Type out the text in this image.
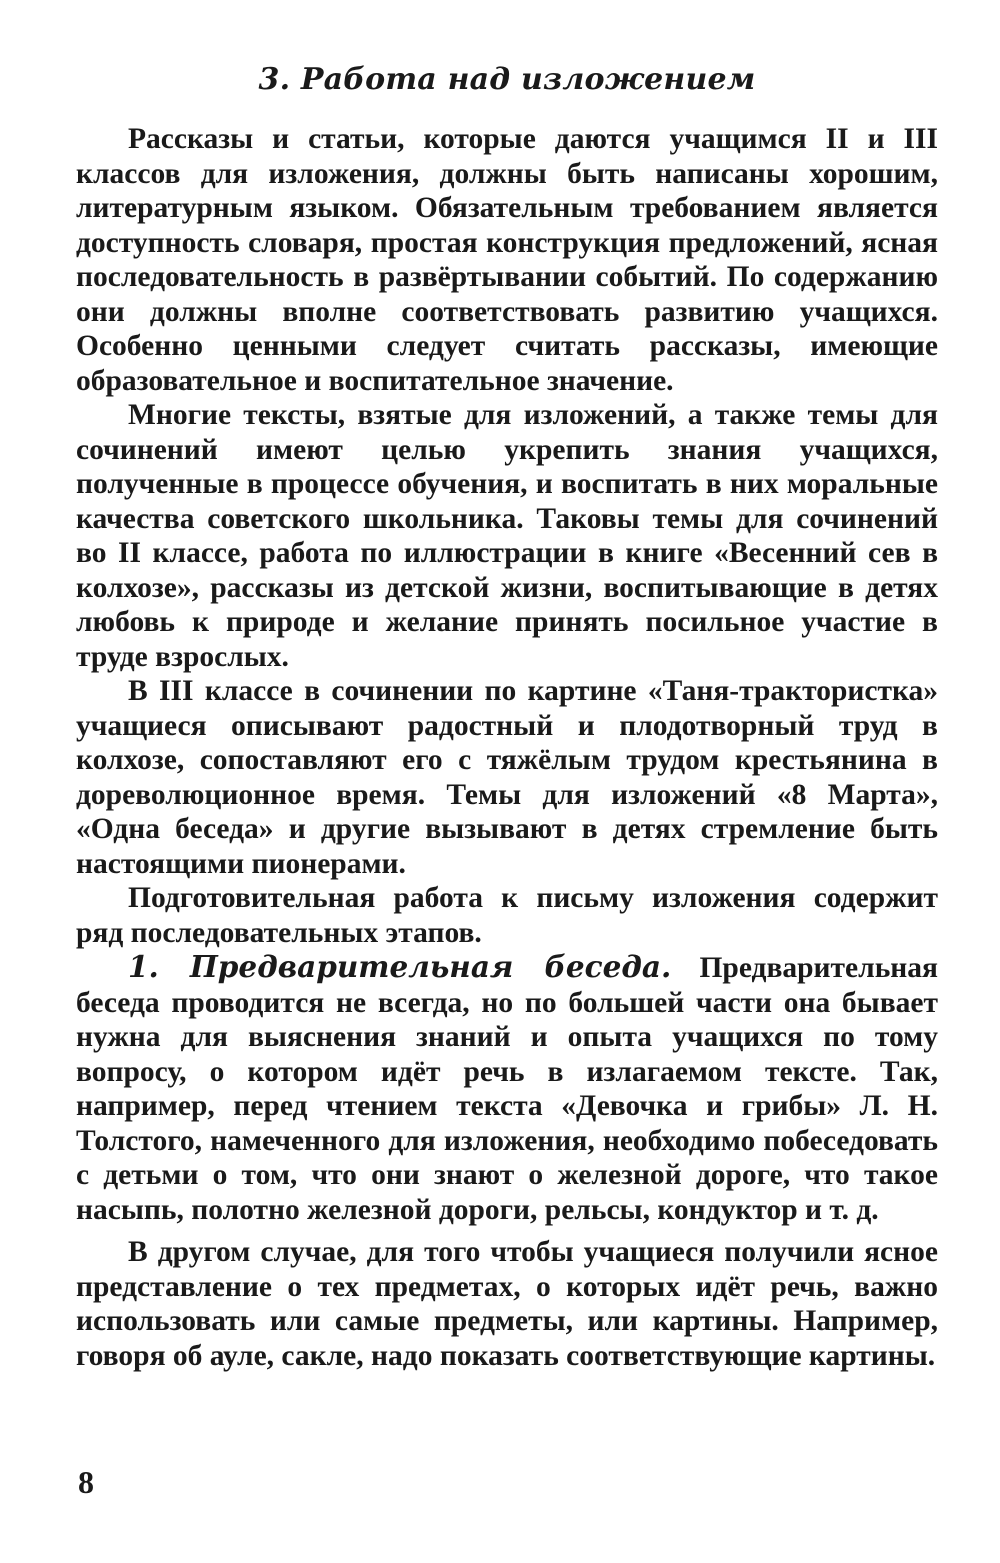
3. Работа над изложением

Рассказы и статьи, которые даются учащимся II и III классов для изложения, должны быть написаны хорошим, литературным языком. Обязательным требованием является доступность словаря, простая конструкция предложений, ясная последовательность в развёртывании событий. По содержанию они должны вполне соответствовать развитию учащихся. Особенно ценными следует считать рассказы, имеющие образовательное и воспитательное значение.

Многие тексты, взятые для изложений, а также темы для сочинений имеют целью укрепить знания учащихся, полученные в процессе обучения, и воспитать в них моральные качества советского школьника. Таковы темы для сочинений во II классе, работа по иллюстрации в книге «Весенний сев в колхозе», рассказы из детской жизни, воспитывающие в детях любовь к природе и желание принять посильное участие в труде взрослых.

В III классе в сочинении по картине «Таня-трактористка» учащиеся описывают радостный и плодотворный труд в колхозе, сопоставляют его с тяжёлым трудом крестьянина в дореволюционное время. Темы для изложений «8 Марта», «Одна беседа» и другие вызывают в детях стремление быть настоящими пионерами.

Подготовительная работа к письму изложения содержит ряд последовательных этапов.

1. Предварительная беседа. Предварительная беседа проводится не всегда, но по большей части она бывает нужна для выяснения знаний и опыта учащихся по тому вопросу, о котором идёт речь в излагаемом тексте. Так, например, перед чтением текста «Девочка и грибы» Л. Н. Толстого, намеченного для изложения, необходимо побеседовать с детьми о том, что они знают о железной дороге, что такое насыпь, полотно железной дороги, рельсы, кондуктор и т. д.

В другом случае, для того чтобы учащиеся получили ясное представление о тех предметах, о которых идёт речь, важно использовать или самые предметы, или картины. Например, говоря об ауле, сакле, надо показать соответствующие картины.

8
